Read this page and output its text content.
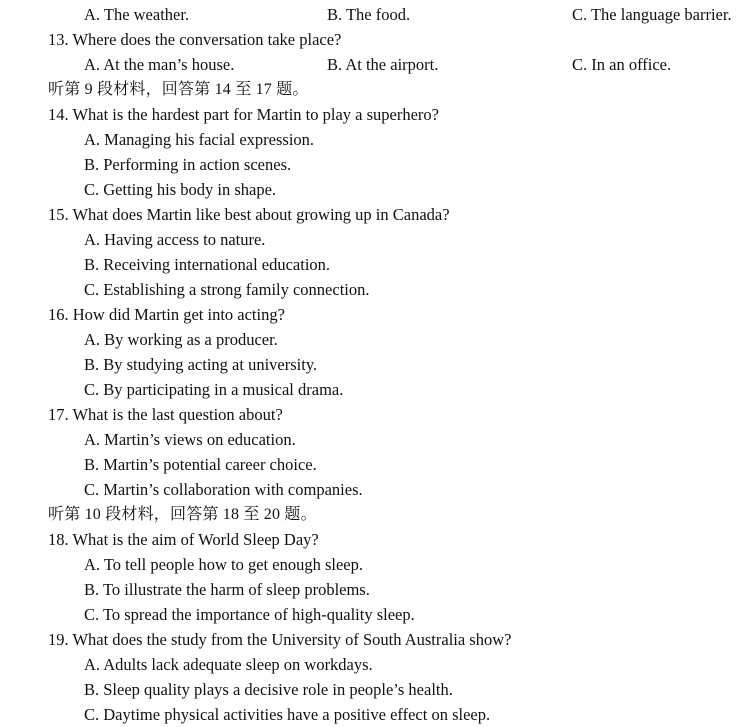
A. The weather.	B. The food.	C. The language barrier.
13. Where does the conversation take place?
A. At the man’s house.	B. At the airport.	C. In an office.
听第 9 段材料，回答第 14 至 17 题。
14. What is the hardest part for Martin to play a superhero?
A. Managing his facial expression.
B. Performing in action scenes.
C. Getting his body in shape.
15. What does Martin like best about growing up in Canada?
A. Having access to nature.
B. Receiving international education.
C. Establishing a strong family connection.
16. How did Martin get into acting?
A. By working as a producer.
B. By studying acting at university.
C. By participating in a musical drama.
17. What is the last question about?
A. Martin’s views on education.
B. Martin’s potential career choice.
C. Martin’s collaboration with companies.
听第 10 段材料，回答第 18 至 20 题。
18. What is the aim of World Sleep Day?
A. To tell people how to get enough sleep.
B. To illustrate the harm of sleep problems.
C. To spread the importance of high-quality sleep.
19. What does the study from the University of South Australia show?
A. Adults lack adequate sleep on workdays.
B. Sleep quality plays a decisive role in people’s health.
C. Daytime physical activities have a positive effect on sleep.
